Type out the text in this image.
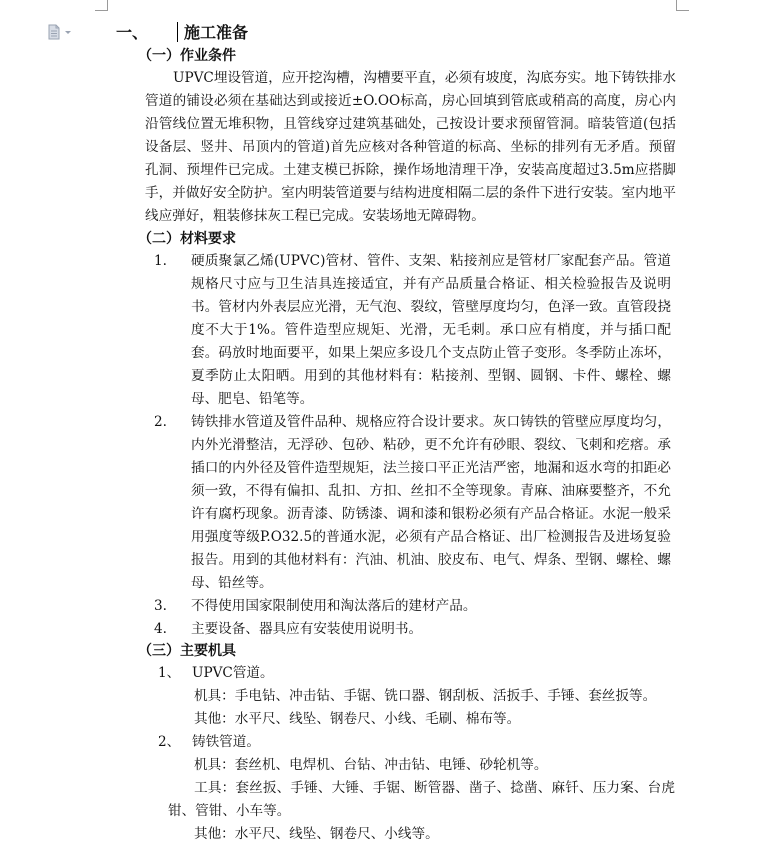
一、 施工准备
（一） 作业条件
UPVC埋设管道，应开挖沟槽，沟槽要平直，必须有坡度，沟底夯实。地下铸铁排水管道的铺设必须在基础达到或接近±O.OO标高，房心回填到管底或稍高的高度，房心内沿管线位置无堆积物，且管线穿过建筑基础处，己按设计要求预留管洞。暗装管道(包括设备层、竖井、吊顶内的管道)首先应核对各种管道的标高、坐标的排列有无矛盾。预留孔洞、预埋件已完成。土建支模已拆除，操作场地清理干净，安装高度超过3.5m应搭脚手，并做好安全防护。室内明装管道要与结构进度相隔二层的条件下进行安装。室内地平线应弹好，粗装修抹灰工程已完成。安装场地无障碍物。
（二） 材料要求
1. 硬质聚氯乙烯(UPVC)管材、管件、支架、粘接剂应是管材厂家配套产品。管道规格尺寸应与卫生洁具连接适宜，并有产品质量合格证、相关检验报告及说明书。管材内外表层应光滑，无气泡、裂纹，管壁厚度均匀，色泽一致。直管段挠度不大于1%。管件造型应规矩、光滑，无毛刺。承口应有梢度，并与插口配套。码放时地面要平，如果上架应多设几个支点防止管子变形。冬季防止冻坏，夏季防止太阳晒。用到的其他材料有：粘接剂、型钢、圆钢、卡件、螺栓、螺母、肥皂、铅笔等。
2. 铸铁排水管道及管件品种、规格应符合设计要求。灰口铸铁的管壁应厚度均匀，内外光滑整洁，无浮砂、包砂、粘砂，更不允许有砂眼、裂纹、飞刺和疙瘩。承插口的内外径及管件造型规矩，法兰接口平正光洁严密，地漏和返水弯的扣距必须一致，不得有偏扣、乱扣、方扣、丝扣不全等现象。青麻、油麻要整齐，不允许有腐朽现象。沥青漆、防锈漆、调和漆和银粉必须有产品合格证。水泥一般采用强度等级P.O32.5的普通水泥，必须有产品合格证、出厂检测报告及进场复验报告。用到的其他材料有：汽油、机油、胶皮布、电气、焊条、型钢、螺栓、螺母、铅丝等。
3. 不得使用国家限制使用和淘汰落后的建材产品。
4. 主要设备、器具应有安装使用说明书。
（三） 主要机具
1、 UPVC管道。
机具：手电钻、冲击钻、手锯、铣口器、钢刮板、活扳手、手锤、套丝扳等。
其他：水平尺、线坠、钢卷尺、小线、毛刷、棉布等。
2、 铸铁管道。
机具：套丝机、电焊机、台钻、冲击钻、电锤、砂轮机等。
工具：套丝扳、手锤、大锤、手锯、断管器、凿子、捻凿、麻钎、压力案、台虎钳、管钳、小车等。
其他：水平尺、线坠、钢卷尺、小线等。
